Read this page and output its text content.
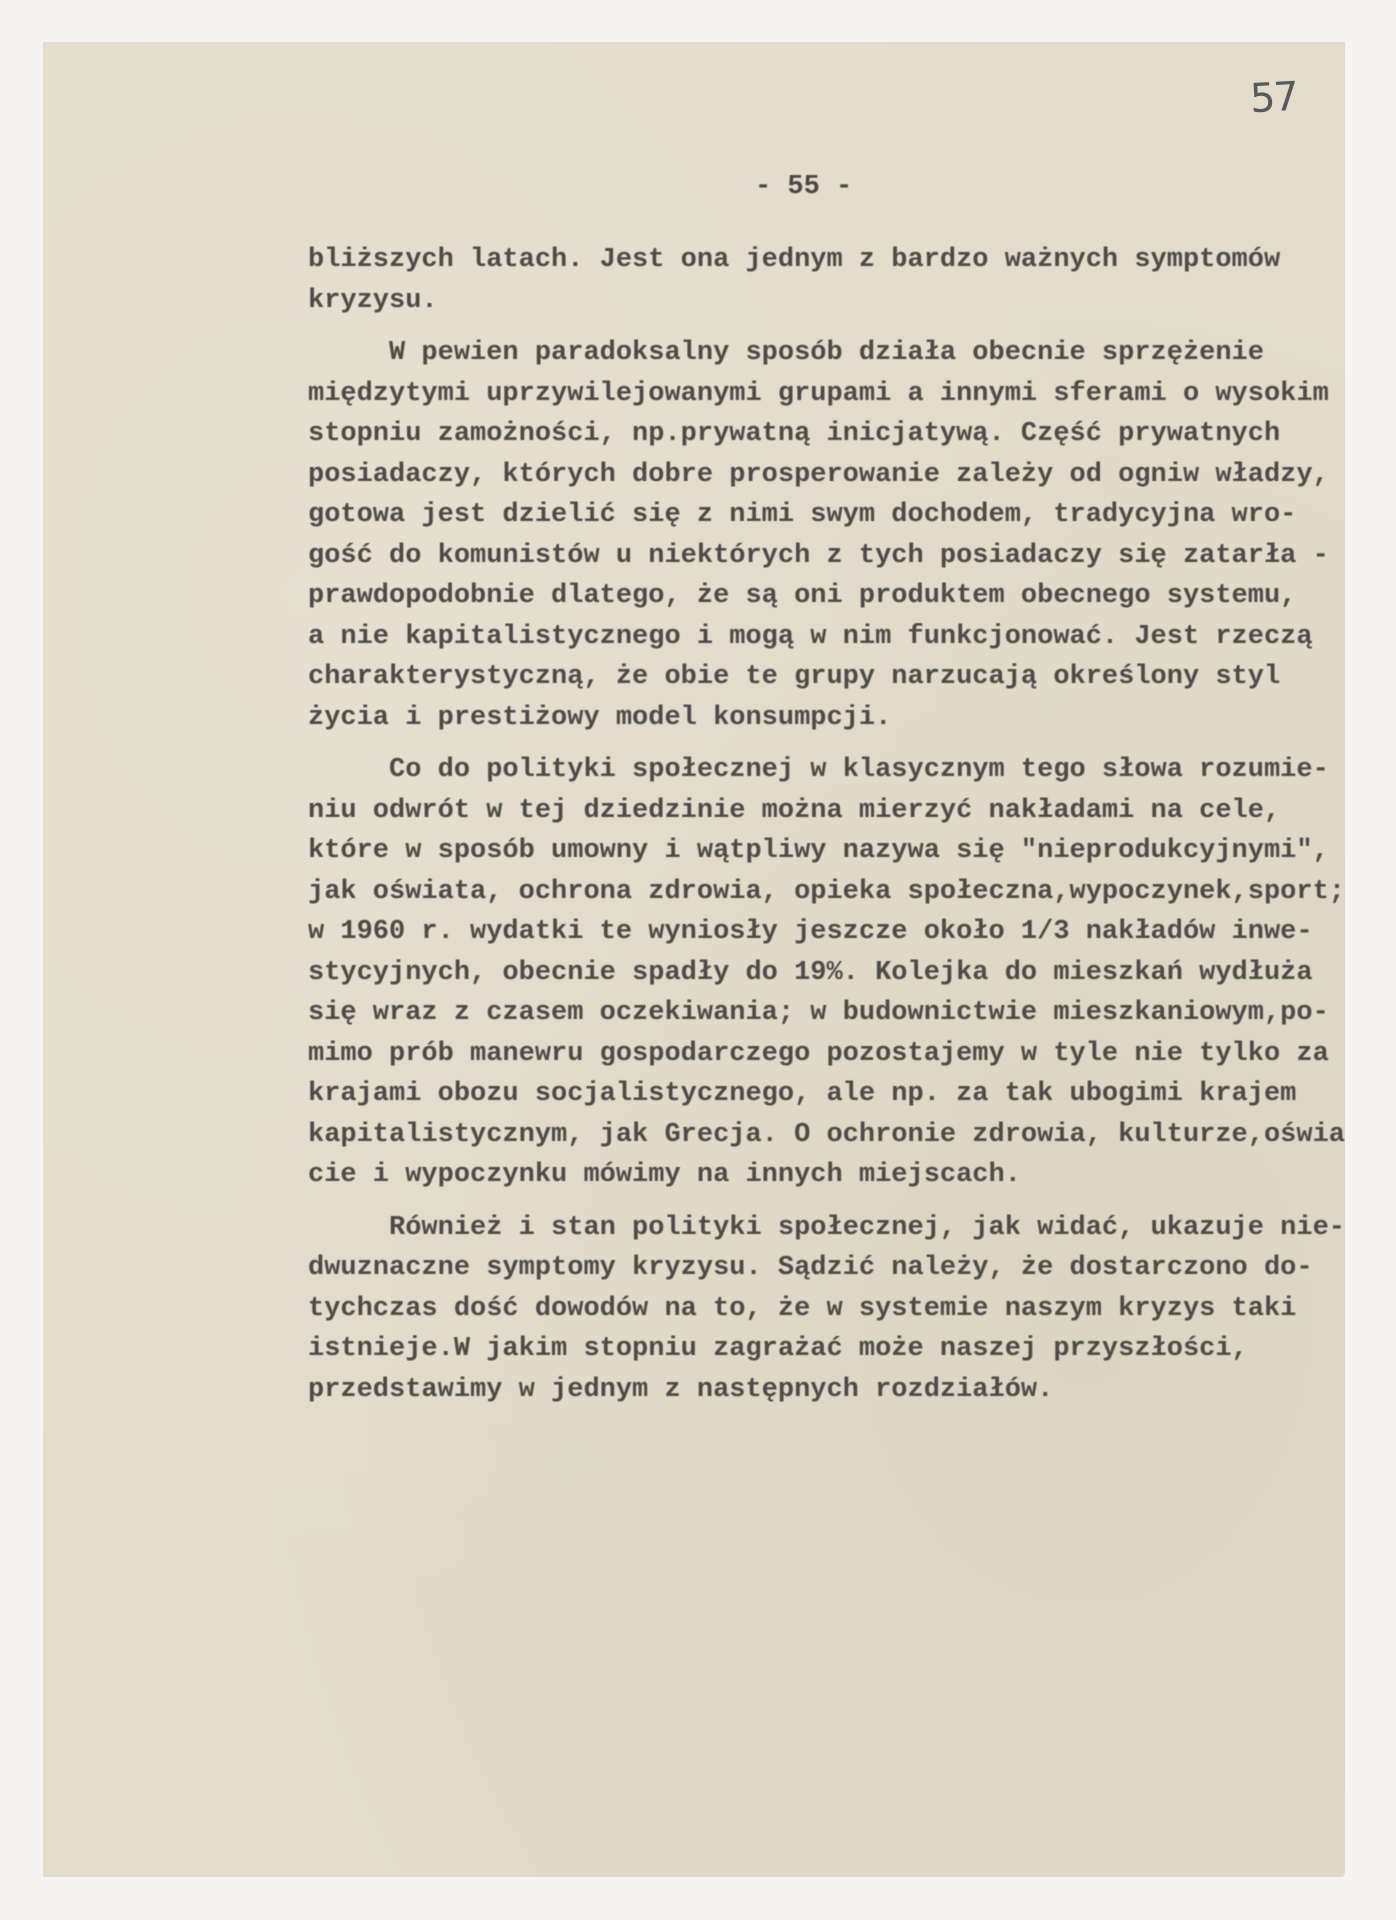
57
- 55 -
bliższych latach. Jest ona jednym z bardzo ważnych symptomów
kryzysu.
W pewien paradoksalny sposób działa obecnie sprzężenie
międzytymi uprzywilejowanymi grupami a innymi sferami o wysokim
stopniu zamożności, np.prywatną inicjatywą. Część prywatnych
posiadaczy, których dobre prosperowanie zależy od ogniw władzy,
gotowa jest dzielić się z nimi swym dochodem, tradycyjna wro-
gość do komunistów u niektórych z tych posiadaczy się zatarła -
prawdopodobnie dlatego, że są oni produktem obecnego systemu,
a nie kapitalistycznego i mogą w nim funkcjonować. Jest rzeczą
charakterystyczną, że obie te grupy narzucają określony styl
życia i prestiżowy model konsumpcji.
Co do polityki społecznej w klasycznym tego słowa rozumie-
niu odwrót w tej dziedzinie można mierzyć nakładami na cele,
które w sposób umowny i wątpliwy nazywa się "nieprodukcyjnymi",
jak oświata, ochrona zdrowia, opieka społeczna,wypoczynek,sport;
w 1960 r. wydatki te wyniosły jeszcze około 1/3 nakładów inwe-
stycyjnych, obecnie spadły do 19%. Kolejka do mieszkań wydłuża
się wraz z czasem oczekiwania; w budownictwie mieszkaniowym,po-
mimo prób manewru gospodarczego pozostajemy w tyle nie tylko za
krajami obozu socjalistycznego, ale np. za tak ubogimi krajem
kapitalistycznym, jak Grecja. O ochronie zdrowia, kulturze,oświa
cie i wypoczynku mówimy na innych miejscach.
Również i stan polityki społecznej, jak widać, ukazuje nie-
dwuznaczne symptomy kryzysu. Sądzić należy, że dostarczono do-
tychczas dość dowodów na to, że w systemie naszym kryzys taki
istnieje.W jakim stopniu zagrażać może naszej przyszłości,
przedstawimy w jednym z następnych rozdziałów.
